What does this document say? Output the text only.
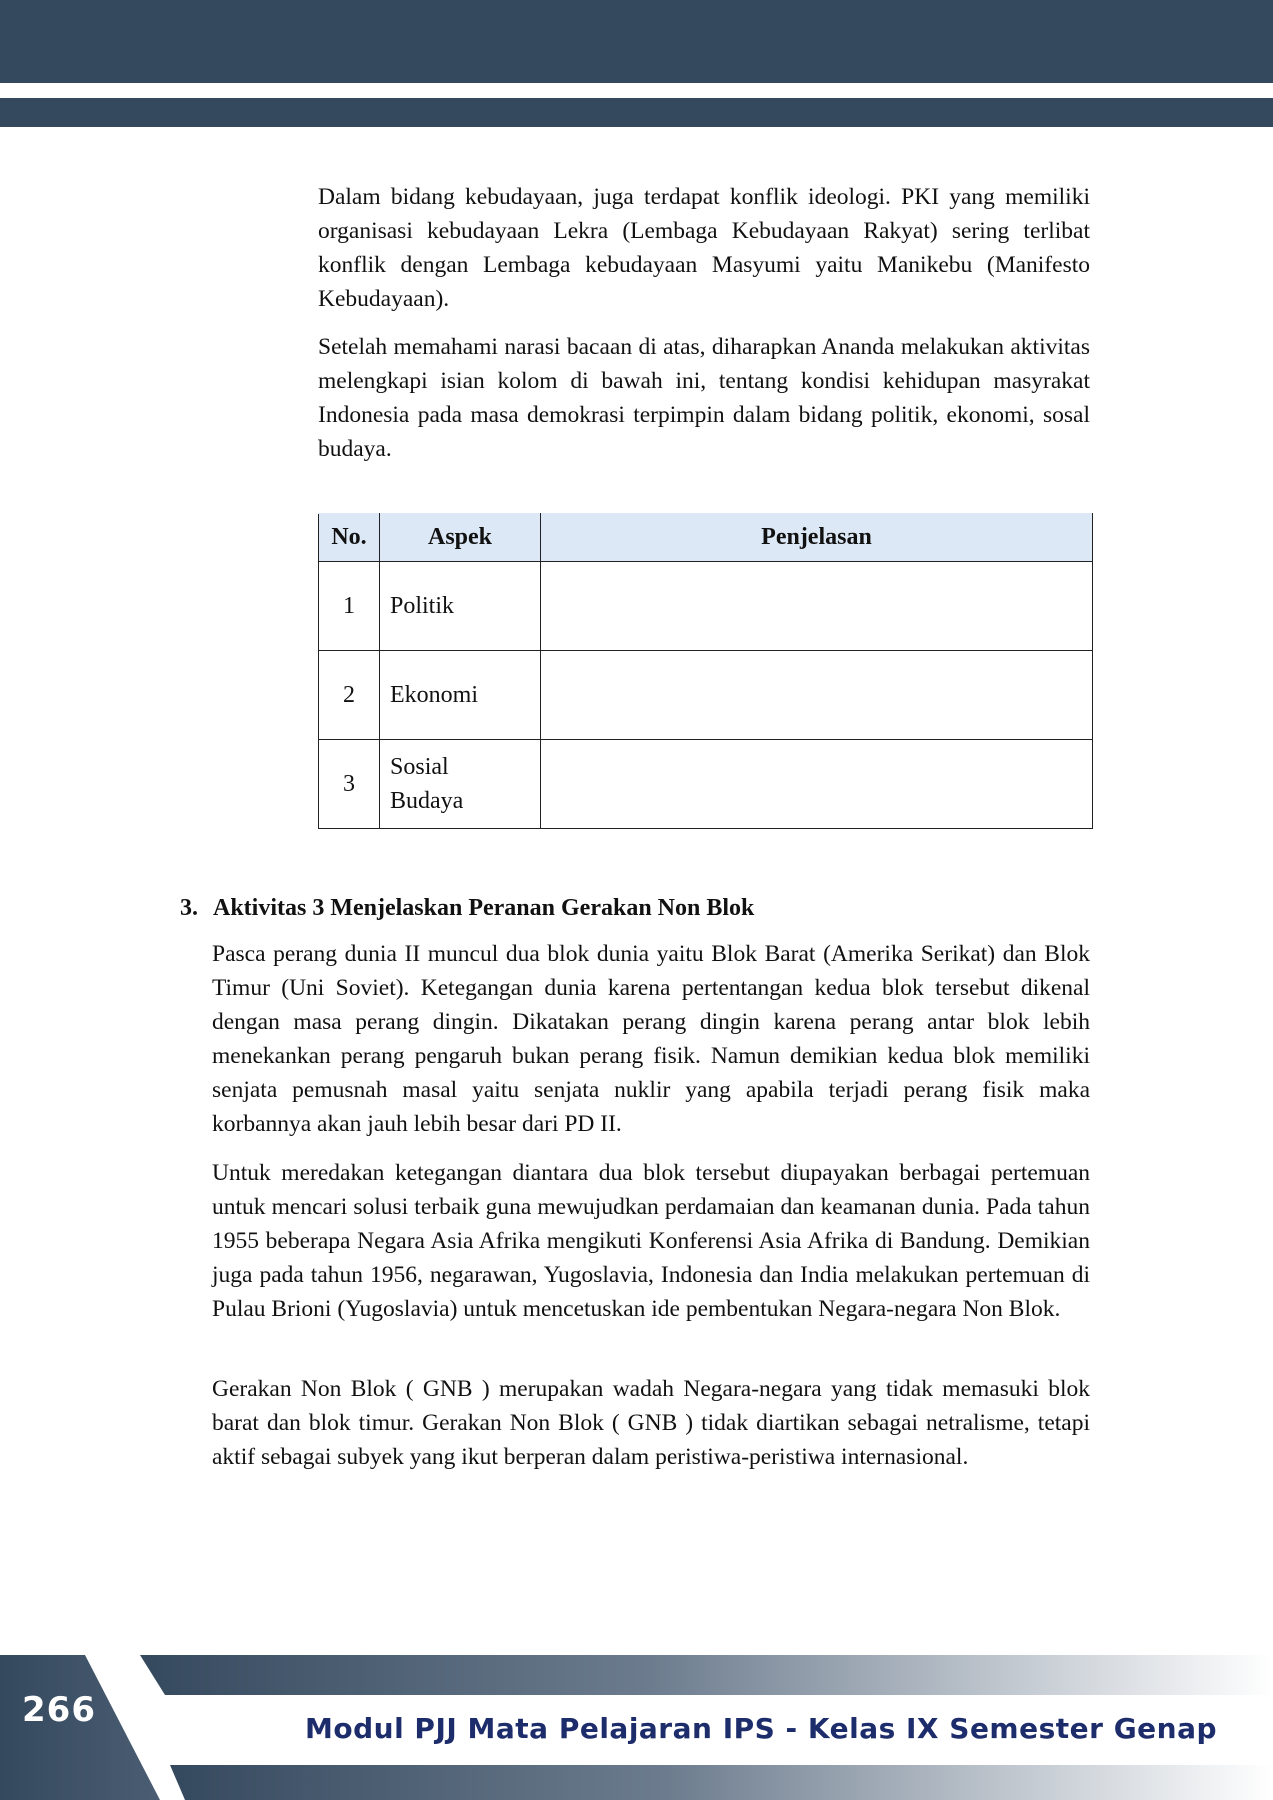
Dalam bidang kebudayaan, juga terdapat konflik ideologi. PKI yang memiliki organisasi kebudayaan Lekra (Lembaga Kebudayaan Rakyat) sering terlibat konflik dengan Lembaga kebudayaan Masyumi yaitu Manikebu (Manifesto Kebudayaan).

Setelah memahami narasi bacaan di atas, diharapkan Ananda melakukan aktivitas melengkapi isian kolom di bawah ini, tentang kondisi kehidupan masyrakat Indonesia pada masa demokrasi terpimpin dalam bidang politik, ekonomi, sosal budaya.

No.	Aspek	Penjelasan
1	Politik	
2	Ekonomi	
3	Sosial Budaya	
3. Aktivitas 3 Menjelaskan Peranan Gerakan Non Blok

Pasca perang dunia II muncul dua blok dunia yaitu Blok Barat (Amerika Serikat) dan Blok Timur (Uni Soviet). Ketegangan dunia karena pertentangan kedua blok tersebut dikenal dengan masa perang dingin. Dikatakan perang dingin karena perang antar blok lebih menekankan perang pengaruh bukan perang fisik. Namun demikian kedua blok memiliki senjata pemusnah masal yaitu senjata nuklir yang apabila terjadi perang fisik maka korbannya akan jauh lebih besar dari PD II.

Untuk meredakan ketegangan diantara dua blok tersebut diupayakan berbagai pertemuan untuk mencari solusi terbaik guna mewujudkan perdamaian dan keamanan dunia. Pada tahun 1955 beberapa Negara Asia Afrika mengikuti Konferensi Asia Afrika di Bandung. Demikian juga pada tahun 1956, negarawan, Yugoslavia, Indonesia dan India melakukan pertemuan di Pulau Brioni (Yugoslavia) untuk mencetuskan ide pembentukan Negara-negara Non Blok.

Gerakan Non Blok ( GNB ) merupakan wadah Negara-negara yang tidak memasuki blok barat dan blok timur. Gerakan Non Blok ( GNB ) tidak diartikan sebagai netralisme, tetapi aktif sebagai subyek yang ikut berperan dalam peristiwa-peristiwa internasional.

266	Modul PJJ Mata Pelajaran IPS - Kelas IX Semester Genap
